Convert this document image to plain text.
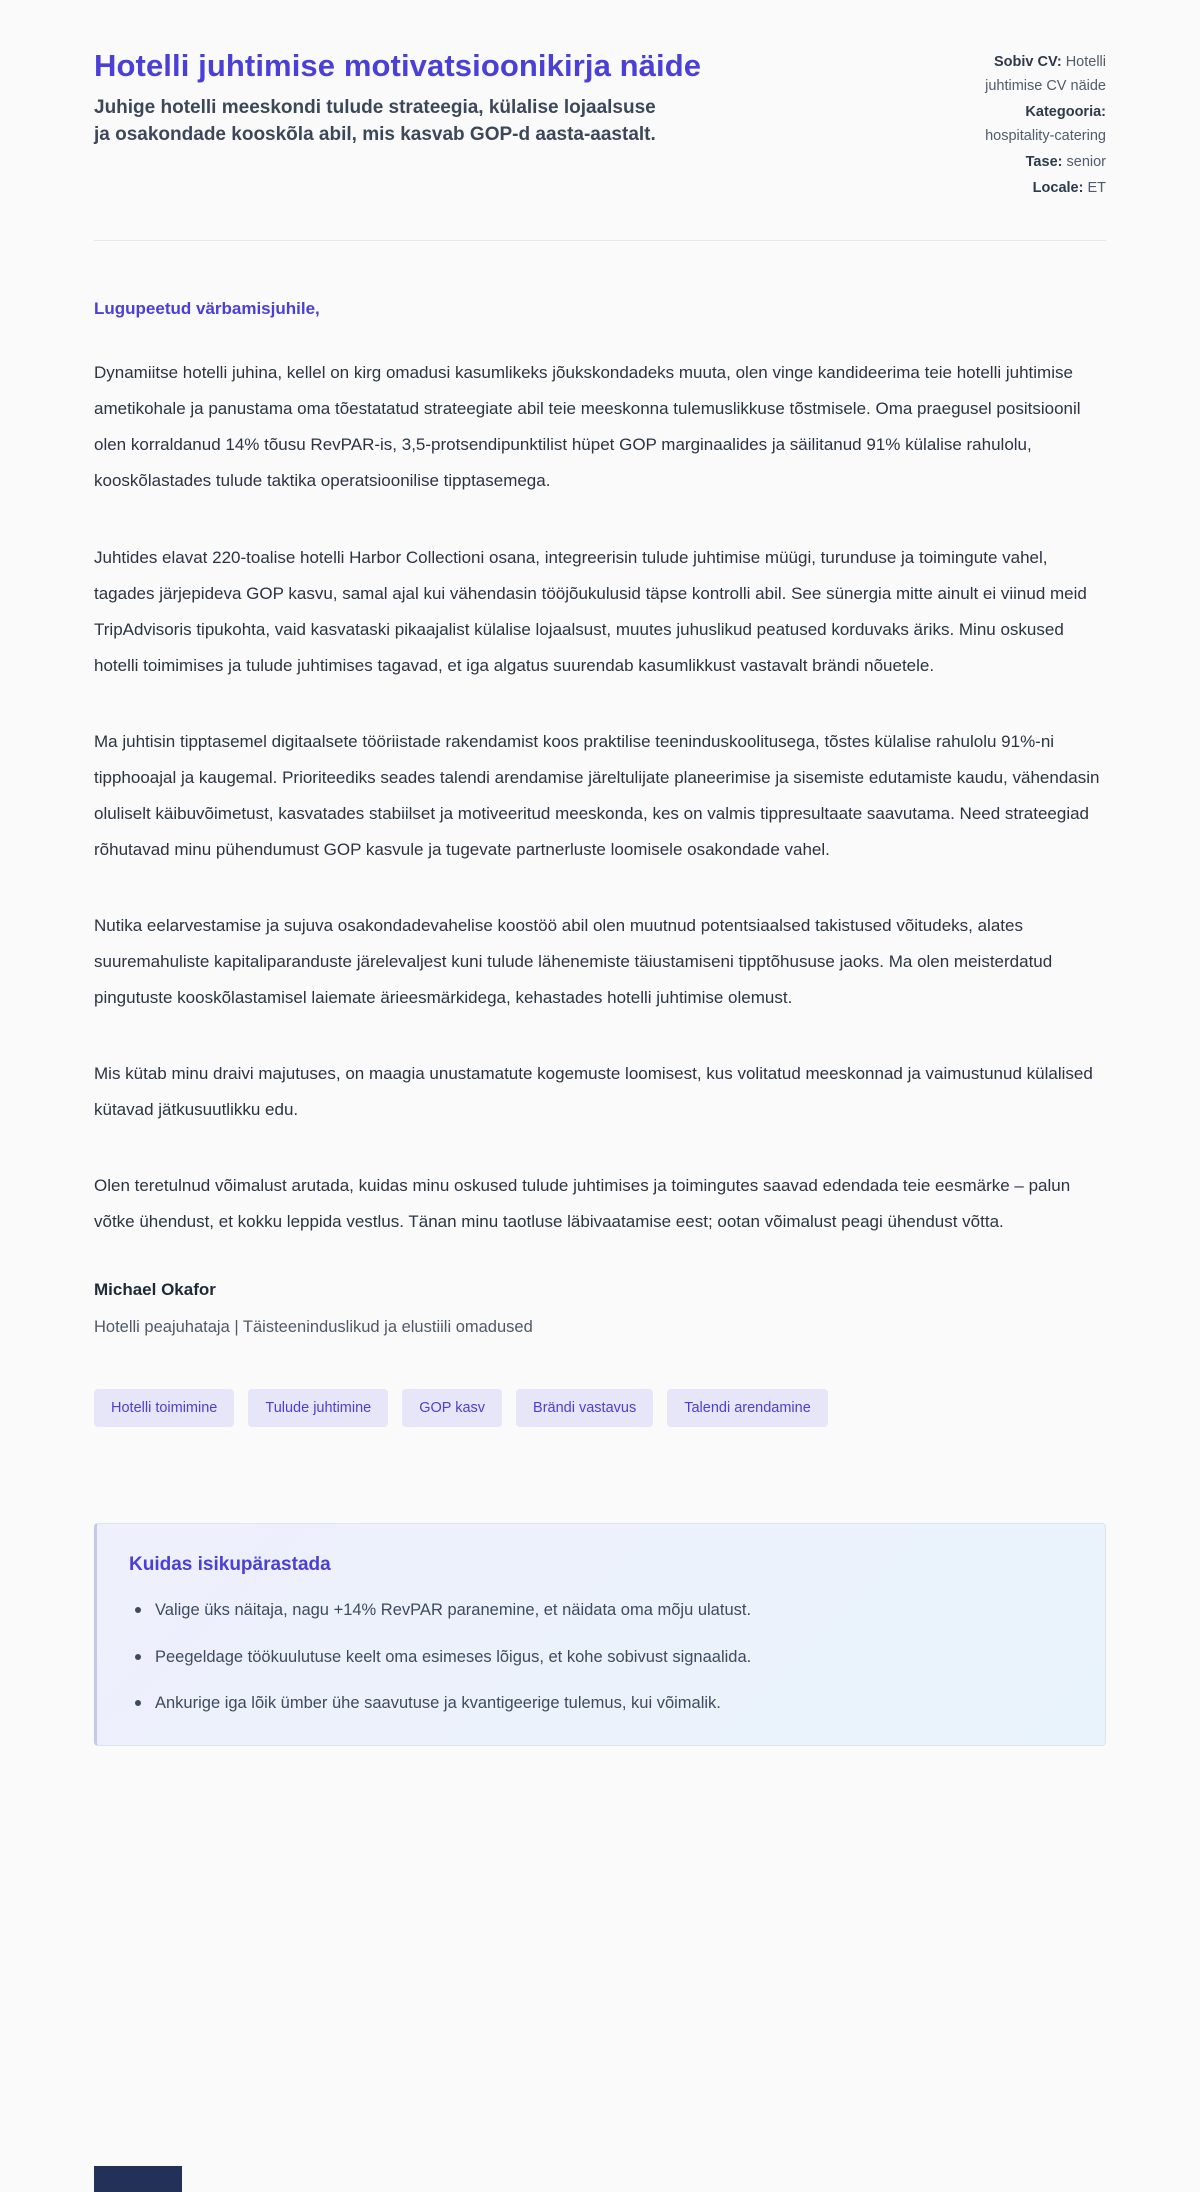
Hotelli juhtimise motivatsioonikirja näide
Juhige hotelli meeskondi tulude strateegia, külalise lojaalsuse ja osakondade kooskõla abil, mis kasvab GOP-d aasta-aastalt.
Sobiv CV: Hotelli juhtimise CV näide
Kategooria: hospitality-catering
Tase: senior
Locale: ET
Lugupeetud värbamisjuhile,

Dynamiitse hotelli juhina, kellel on kirg omadusi kasumlikeks jõukskondadeks muuta, olen vinge kandideerima teie hotelli juhtimise ametikohale ja panustama oma tõestatatud strateegiate abil teie meeskonna tulemuslikkuse tõstmisele. Oma praegusel positsioonil olen korraldanud 14% tõusu RevPAR-is, 3,5-protsendipunktilist hüpet GOP marginaalides ja säilitanud 91% külalise rahulolu, kooskõlastades tulude taktika operatsioonilise tipptasemega.

Juhtides elavat 220-toalise hotelli Harbor Collectioni osana, integreerisin tulude juhtimise müügi, turunduse ja toimingute vahel, tagades järjepideva GOP kasvu, samal ajal kui vähendasin tööjõukulusid täpse kontrolli abil. See sünergia mitte ainult ei viinud meid TripAdvisoris tipukohta, vaid kasvataski pikaajalist külalise lojaalsust, muutes juhuslikud peatused korduvaks äriks. Minu oskused hotelli toimimises ja tulude juhtimises tagavad, et iga algatus suurendab kasumlikkust vastavalt brändi nõuetele.

Ma juhtisin tipptasemel digitaalsete tööriistade rakendamist koos praktilise teeninduskoolitusega, tõstes külalise rahulolu 91%-ni tipphooajal ja kaugemal. Prioriteediks seades talendi arendamise järeltulijate planeerimise ja sisemiste edutamiste kaudu, vähendasin oluliselt käibuvõimetust, kasvatades stabiilset ja motiveeritud meeskonda, kes on valmis tippresultaate saavutama. Need strateegiad rõhutavad minu pühendumust GOP kasvule ja tugevate partnerluste loomisele osakondade vahel.

Nutika eelarvestamise ja sujuva osakondadevahelise koostöö abil olen muutnud potentsiaalsed takistused võitudeks, alates suuremahuliste kapitaliparanduste järelevaljest kuni tulude lähenemiste täiustamiseni tipptõhususe jaoks. Ma olen meisterdatud pingutuste kooskõlastamisel laiemate ärieesmärkidega, kehastades hotelli juhtimise olemust.

Mis kütab minu draivi majutuses, on maagia unustamatute kogemuste loomisest, kus volitatud meeskonnad ja vaimustunud külalised kütavad jätkusuutlikku edu.

Olen teretulnud võimalust arutada, kuidas minu oskused tulude juhtimises ja toimingutes saavad edendada teie eesmärke – palun võtke ühendust, et kokku leppida vestlus. Tänan minu taotluse läbivaatamise eest; ootan võimalust peagi ühendust võtta.

Michael Okafor
Hotelli peajuhataja | Täisteeninduslikud ja elustiili omadused
Hotelli toimimine	Tulude juhtimine	GOP kasv	Brändi vastavus	Talendi arendamine
Kuidas isikupärastada
Valige üks näitaja, nagu +14% RevPAR paranemine, et näidata oma mõju ulatust.
Peegeldage töökuulutuse keelt oma esimeses lõigus, et kohe sobivust signaalida.
Ankurige iga lõik ümber ühe saavutuse ja kvantigeerige tulemus, kui võimalik.
